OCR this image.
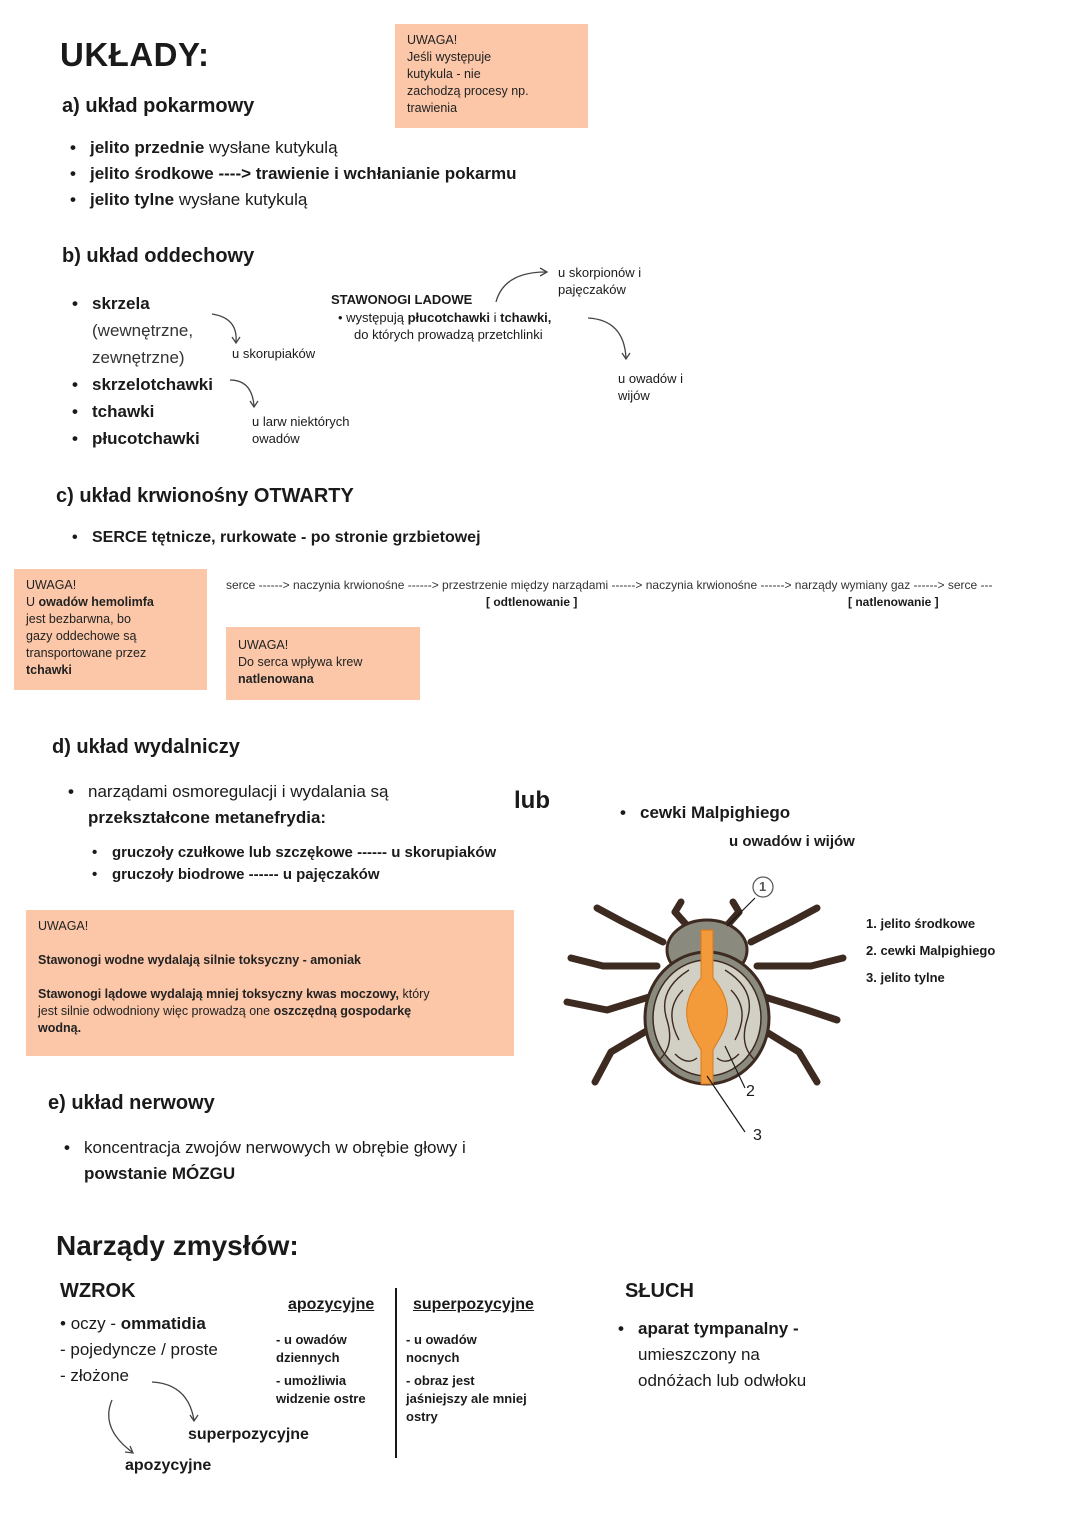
UKŁADY:	UWAGA!
Jeśli występuje
kutykula - nie
zachodzą procesy np.
trawienia
a) układ pokarmowy
• jelito przednie wysłane kutykulą
• jelito środkowe ----> trawienie i wchłanianie pokarmu
• jelito tylne wysłane kutykulą
b) układ oddechowy
• skrzela
(wewnętrzne,
zewnętrzne)
• skrzelotchawki
• tchawki
• płucotchawki
u skorupiaków
u larw niektórych
owadów
STAWONOGI LADOWE
• występują płucotchawki i tchawki,
do których prowadzą przetchlinki
u skorpionów i
pajęczaków
u owadów i
wijów
c) układ krwionośny OTWARTY
• SERCE tętnicze, rurkowate - po stronie grzbietowej
serce ------> naczynia krwionośne ------> przestrzenie między narządami ------> naczynia krwionośne ------> narządy wymiany gaz ------> serce ---
[ odtlenowanie ]	[ natlenowanie ]
UWAGA!
U owadów hemolimfa
jest bezbarwna, bo
gazy oddechowe są
transportowane przez
tchawki
UWAGA!
Do serca wpływa krew
natlenowana
d) układ wydalniczy
• narządami osmoregulacji i wydalania są
przekształcone metanefrydia:
• gruczoły czułkowe lub szczękowe ------ u skorupiaków
• gruczoły biodrowe ------ u pajęczaków
lub
•	cewki Malpighiego
u owadów i wijów
UWAGA!
Stawonogi wodne wydalają silnie toksyczny - amoniak
Stawonogi lądowe wydalają mniej toksyczny kwas moczowy, który
jest silnie odwodniony więc prowadzą one oszczędną gospodarkę
wodną.
1
2
3
1. jelito środkowe
2. cewki Malpighiego
3. jelito tylne
e) układ nerwowy
• koncentracja zwojów nerwowych w obrębie głowy i
powstanie MÓZGU
Narządy zmysłów:
WZROK
• oczy - ommatidia
- pojedyncze / proste
- złożone
superpozycyjne
apozycyjne
apozycyjne
- u owadów
dziennych
- umożliwia
widzenie ostre
superpozycyjne
- u owadów
nocnych
- obraz jest
jaśniejszy ale mniej
ostry
SŁUCH
• aparat tympanalny -
umieszczony na
odnóżach lub odwłoku
